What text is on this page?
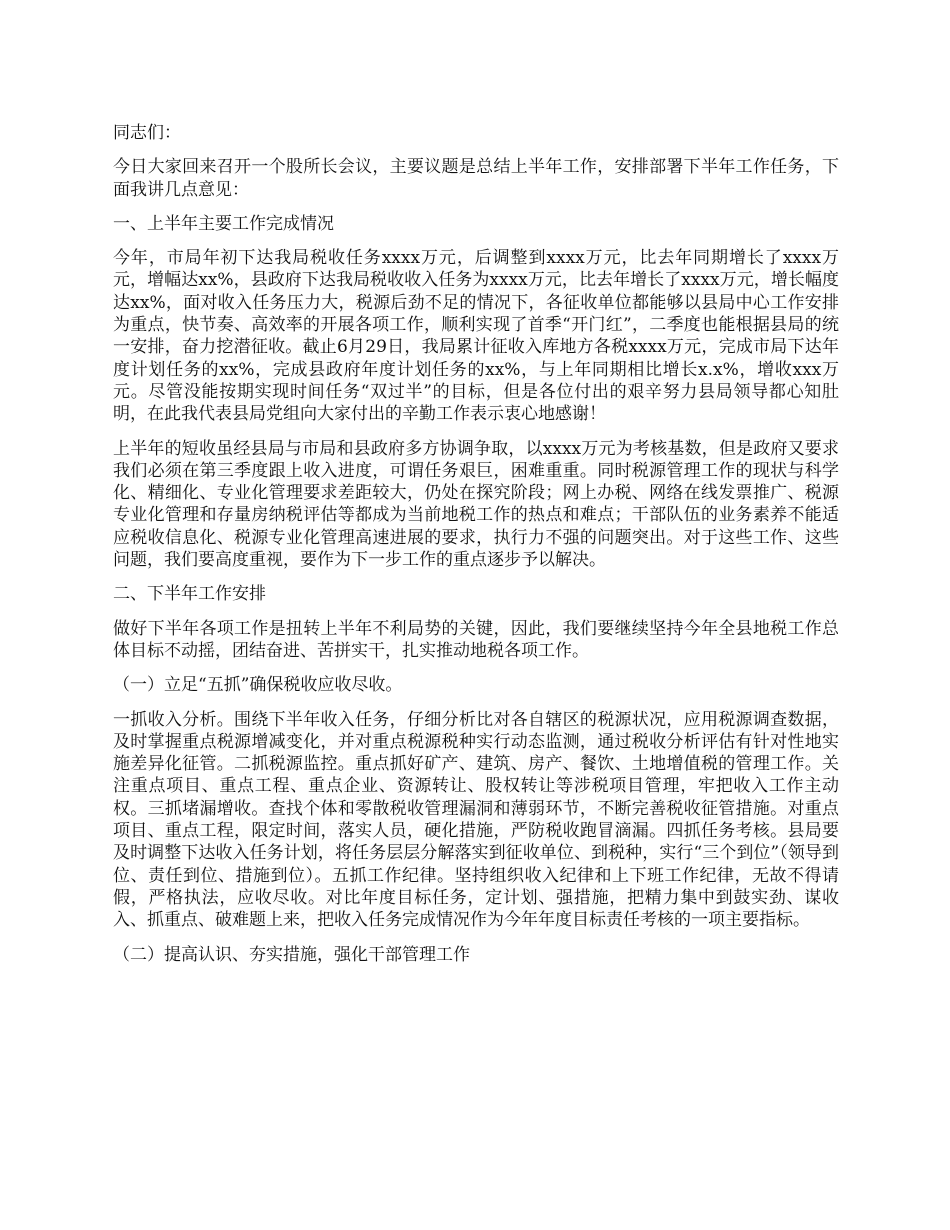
同志们：

今日大家回来召开一个股所长会议，主要议题是总结上半年工作，安排部署下半年工作任务，下面我讲几点意见：

一、上半年主要工作完成情况

今年，市局年初下达我局税收任务xxxx万元，后调整到xxxx万元，比去年同期增长了xxxx万元，增幅达xx%，县政府下达我局税收收入任务为xxxx万元，比去年增长了xxxx万元，增长幅度达xx%，面对收入任务压力大，税源后劲不足的情况下，各征收单位都能够以县局中心工作安排为重点，快节奏、高效率的开展各项工作，顺利实现了首季“开门红”，二季度也能根据县局的统一安排，奋力挖潜征收。截止6月29日，我局累计征收入库地方各税xxxx万元，完成市局下达年度计划任务的xx%，完成县政府年度计划任务的xx%，与上年同期相比增长x.x%，增收xxx万元。尽管没能按期实现时间任务“双过半”的目标，但是各位付出的艰辛努力县局领导都心知肚明，在此我代表县局党组向大家付出的辛勤工作表示衷心地感谢！

上半年的短收虽经县局与市局和县政府多方协调争取，以xxxx万元为考核基数，但是政府又要求我们必须在第三季度跟上收入进度，可谓任务艰巨，困难重重。同时税源管理工作的现状与科学化、精细化、专业化管理要求差距较大，仍处在探究阶段；网上办税、网络在线发票推广、税源专业化管理和存量房纳税评估等都成为当前地税工作的热点和难点；干部队伍的业务素养不能适应税收信息化、税源专业化管理高速进展的要求，执行力不强的问题突出。对于这些工作、这些问题，我们要高度重视，要作为下一步工作的重点逐步予以解决。

二、下半年工作安排

做好下半年各项工作是扭转上半年不利局势的关键，因此，我们要继续坚持今年全县地税工作总体目标不动摇，团结奋进、苦拼实干，扎实推动地税各项工作。

（一）立足“五抓”确保税收应收尽收。

一抓收入分析。围绕下半年收入任务，仔细分析比对各自辖区的税源状况，应用税源调查数据，及时掌握重点税源增减变化，并对重点税源税种实行动态监测，通过税收分析评估有针对性地实施差异化征管。二抓税源监控。重点抓好矿产、建筑、房产、餐饮、土地增值税的管理工作。关注重点项目、重点工程、重点企业、资源转让、股权转让等涉税项目管理，牢把收入工作主动权。三抓堵漏增收。查找个体和零散税收管理漏洞和薄弱环节，不断完善税收征管措施。对重点项目、重点工程，限定时间，落实人员，硬化措施，严防税收跑冒滴漏。四抓任务考核。县局要及时调整下达收入任务计划，将任务层层分解落实到征收单位、到税种，实行“三个到位”（领导到位、责任到位、措施到位）。五抓工作纪律。坚持组织收入纪律和上下班工作纪律，无故不得请假，严格执法，应收尽收。对比年度目标任务，定计划、强措施，把精力集中到鼓实劲、谋收入、抓重点、破难题上来，把收入任务完成情况作为今年年度目标责任考核的一项主要指标。

（二）提高认识、夯实措施，强化干部管理工作
